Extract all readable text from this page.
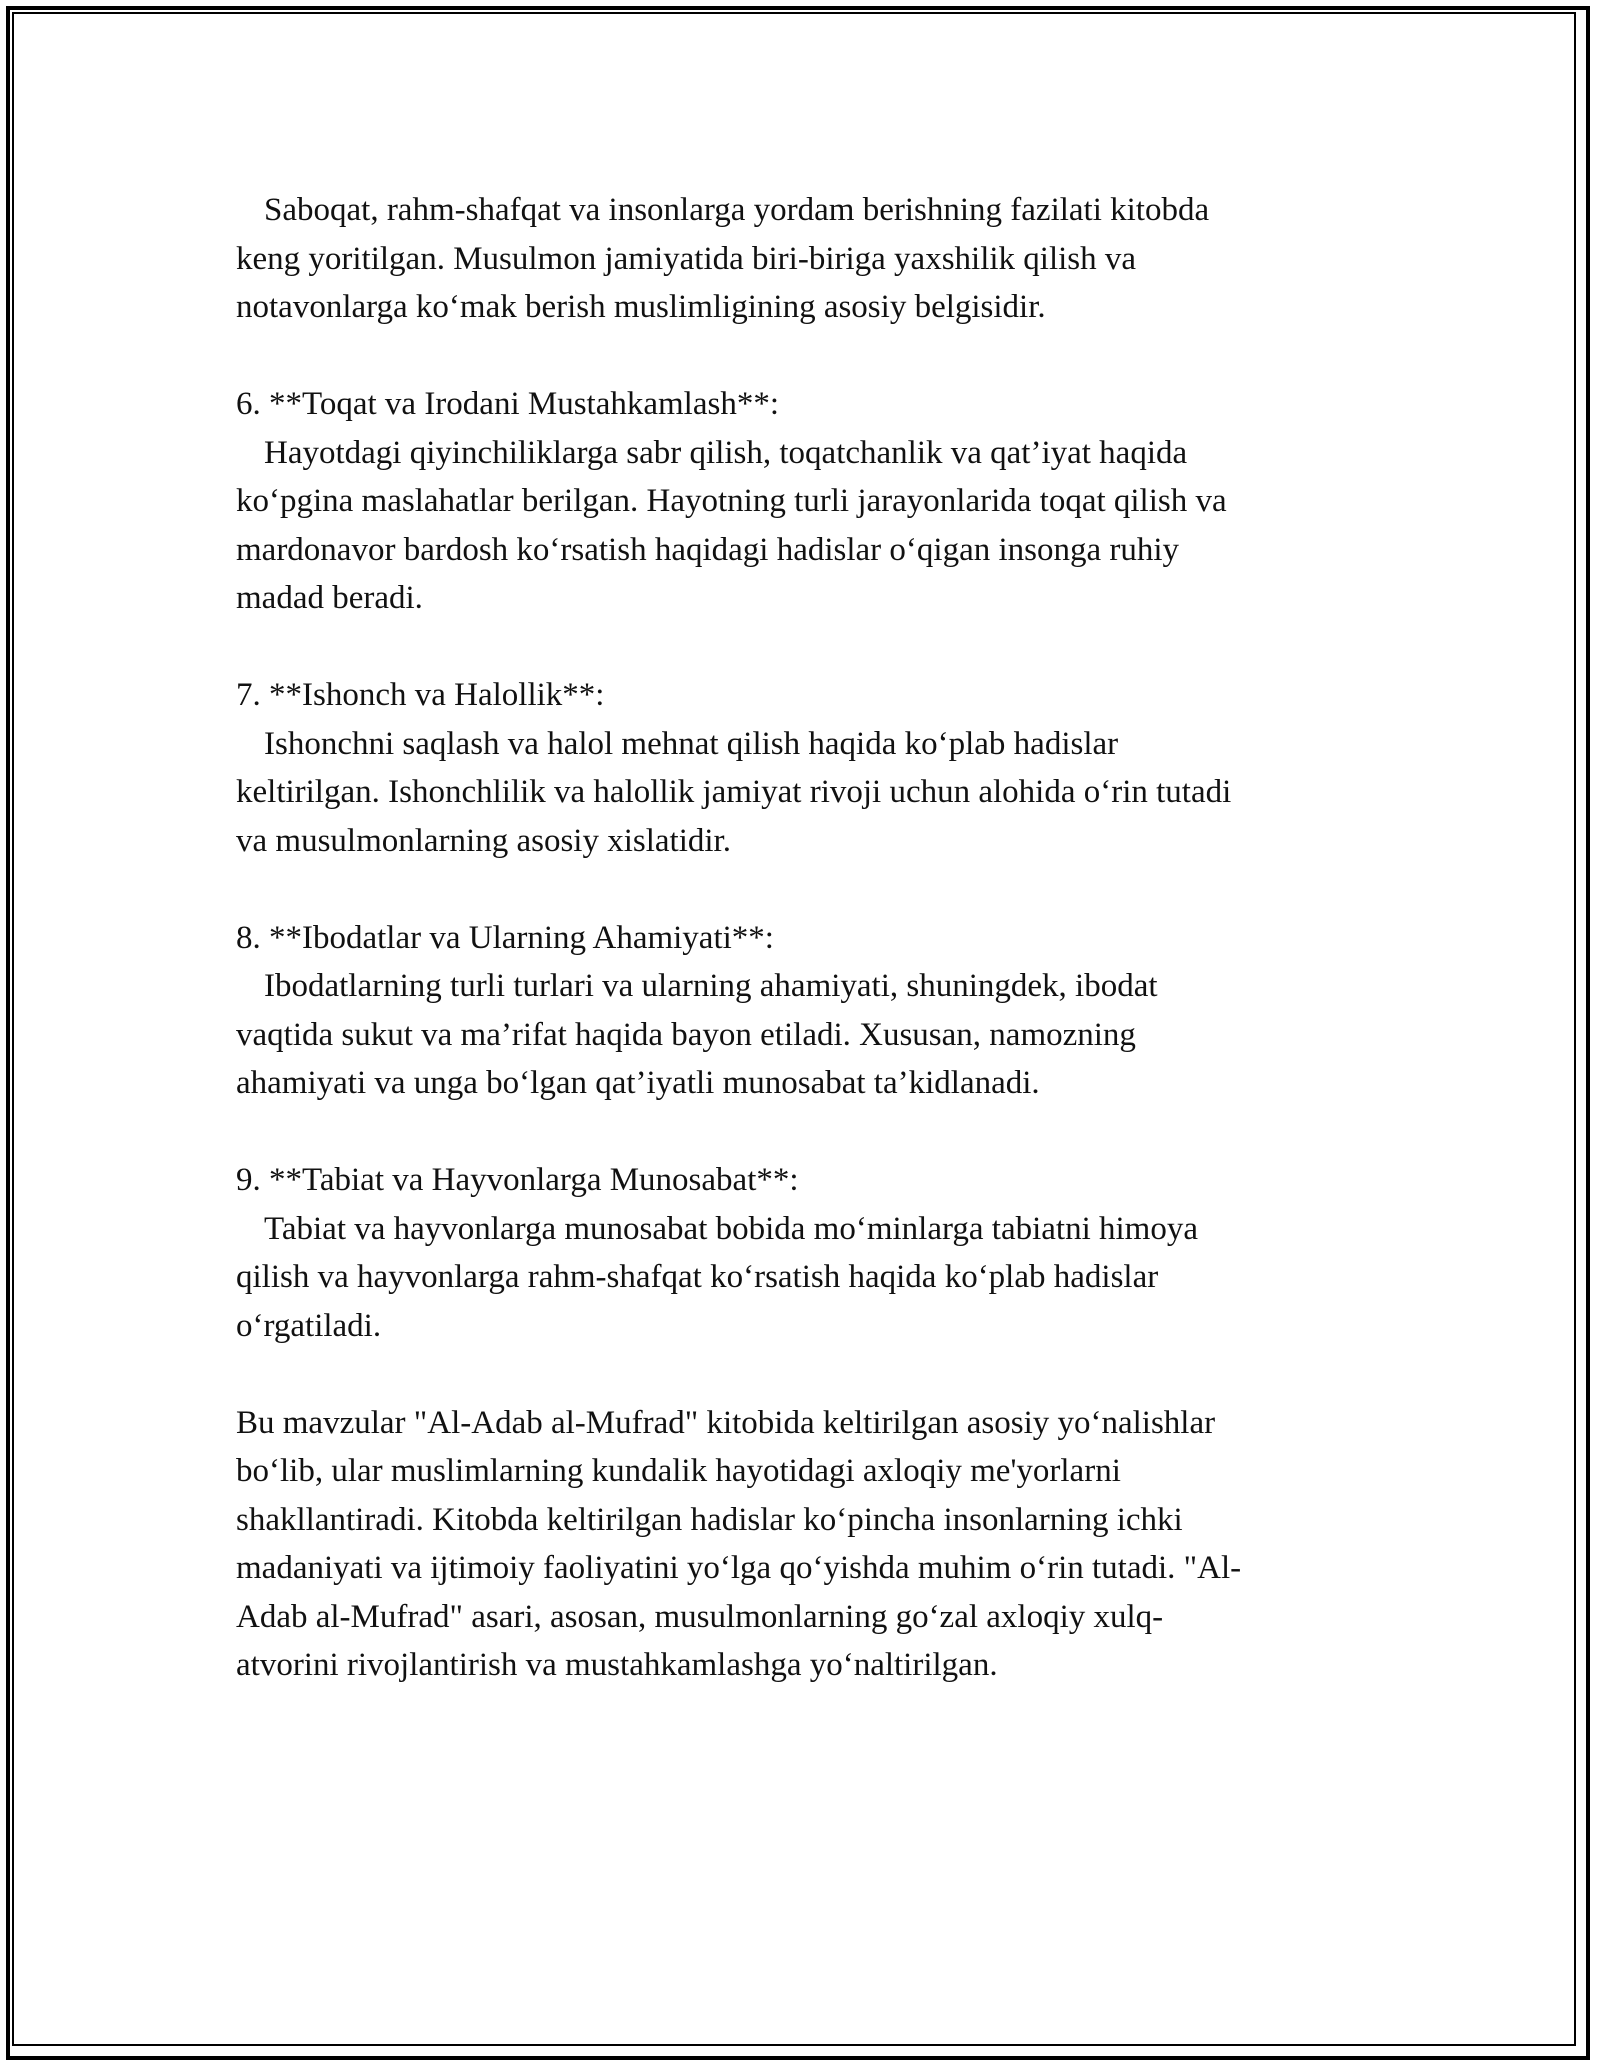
Saboqat, rahm-shafqat va insonlarga yordam berishning fazilati kitobda
keng yoritilgan. Musulmon jamiyatida biri-biriga yaxshilik qilish va
notavonlarga ko‘mak berish muslimligining asosiy belgisidir.
6. **Toqat va Irodani Mustahkamlash**:
Hayotdagi qiyinchiliklarga sabr qilish, toqatchanlik va qat’iyat haqida
ko‘pgina maslahatlar berilgan. Hayotning turli jarayonlarida toqat qilish va
mardonavor bardosh ko‘rsatish haqidagi hadislar o‘qigan insonga ruhiy
madad beradi.
7. **Ishonch va Halollik**:
Ishonchni saqlash va halol mehnat qilish haqida ko‘plab hadislar
keltirilgan. Ishonchlilik va halollik jamiyat rivoji uchun alohida o‘rin tutadi
va musulmonlarning asosiy xislatidir.
8. **Ibodatlar va Ularning Ahamiyati**:
Ibodatlarning turli turlari va ularning ahamiyati, shuningdek, ibodat
vaqtida sukut va ma’rifat haqida bayon etiladi. Xususan, namozning
ahamiyati va unga bo‘lgan qat’iyatli munosabat ta’kidlanadi.
9. **Tabiat va Hayvonlarga Munosabat**:
Tabiat va hayvonlarga munosabat bobida mo‘minlarga tabiatni himoya
qilish va hayvonlarga rahm-shafqat ko‘rsatish haqida ko‘plab hadislar
o‘rgatiladi.
Bu mavzular "Al-Adab al-Mufrad" kitobida keltirilgan asosiy yo‘nalishlar
bo‘lib, ular muslimlarning kundalik hayotidagi axloqiy me'yorlarni
shakllantiradi. Kitobda keltirilgan hadislar ko‘pincha insonlarning ichki
madaniyati va ijtimoiy faoliyatini yo‘lga qo‘yishda muhim o‘rin tutadi. "Al-
Adab al-Mufrad" asari, asosan, musulmonlarning go‘zal axloqiy xulq-
atvorini rivojlantirish va mustahkamlashga yo‘naltirilgan.
